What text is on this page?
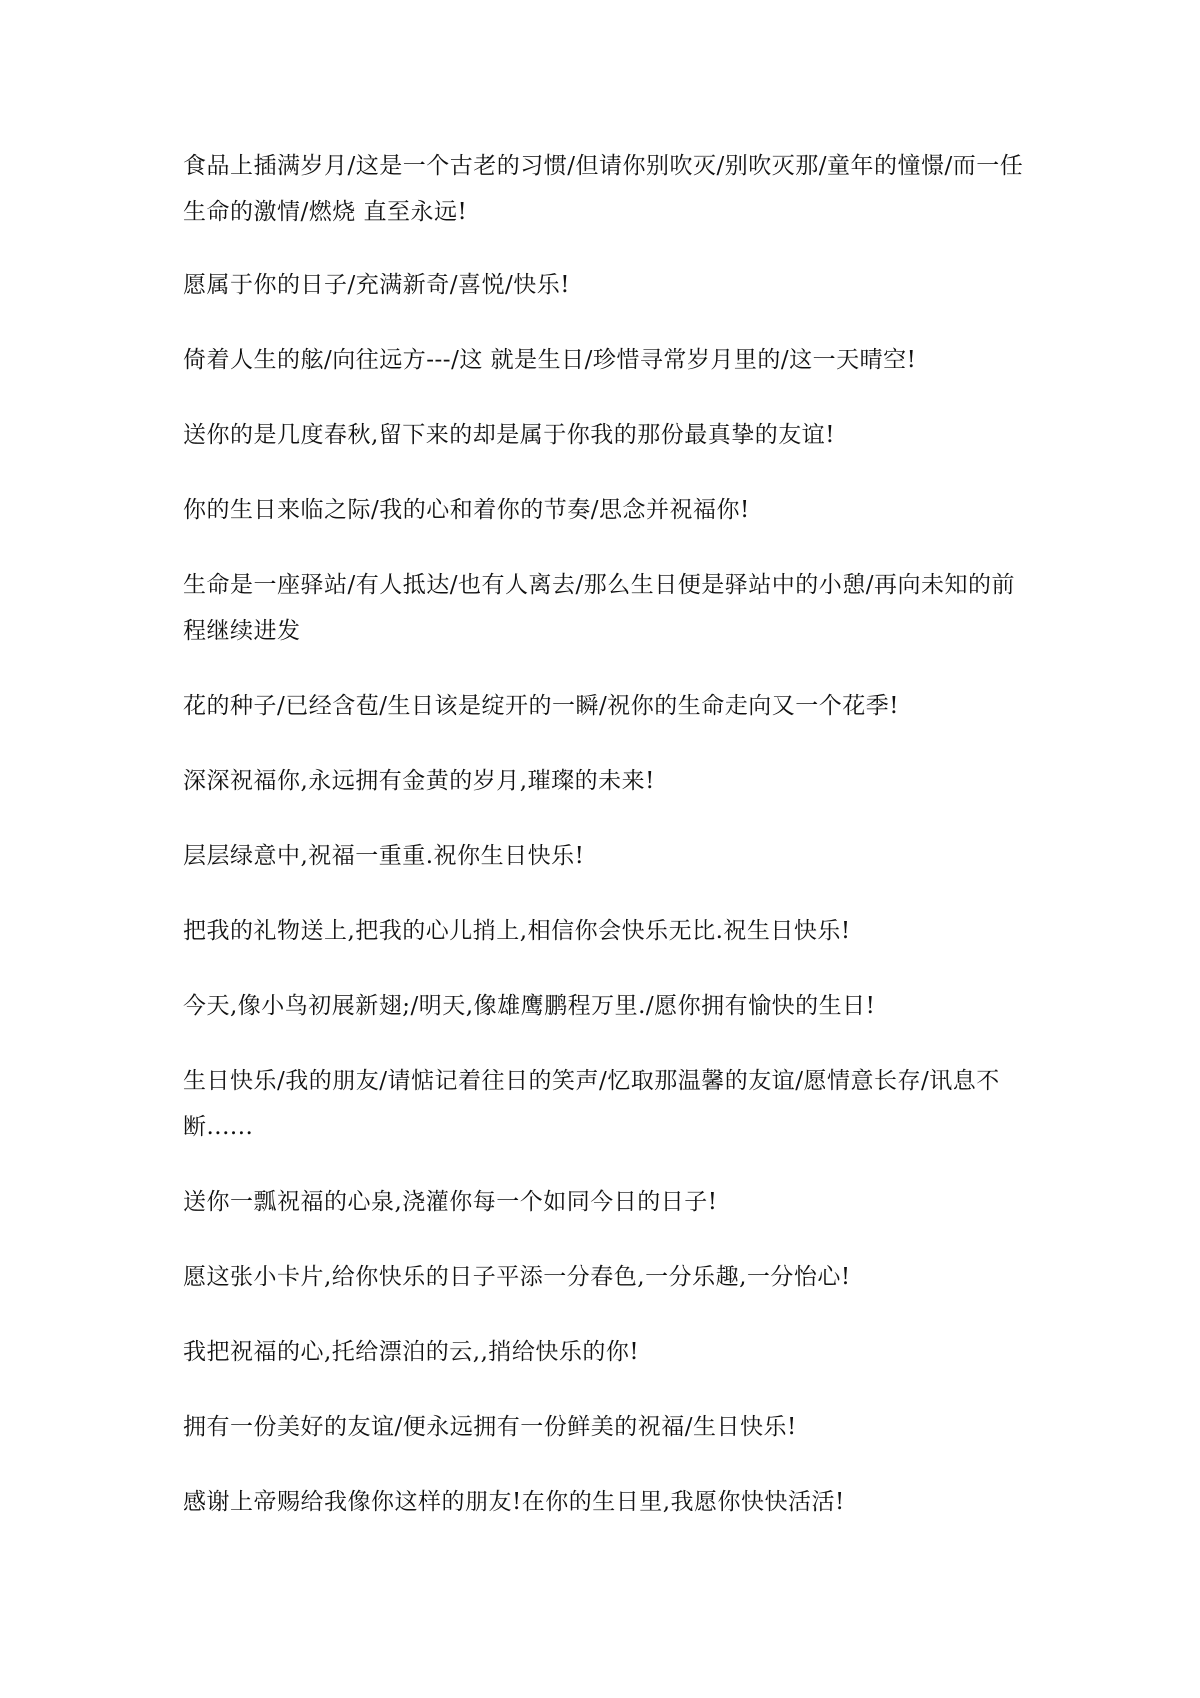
食品上插满岁月/这是一个古老的习惯/但请你别吹灭/别吹灭那/童年的憧憬/而一任生命的激情/燃烧 直至永远!

愿属于你的日子/充满新奇/喜悦/快乐!

倚着人生的舷/向往远方---/这 就是生日/珍惜寻常岁月里的/这一天晴空!

送你的是几度春秋,留下来的却是属于你我的那份最真挚的友谊!

你的生日来临之际/我的心和着你的节奏/思念并祝福你!

生命是一座驿站/有人抵达/也有人离去/那么生日便是驿站中的小憩/再向未知的前程继续进发

花的种子/已经含苞/生日该是绽开的一瞬/祝你的生命走向又一个花季!

深深祝福你,永远拥有金黄的岁月,璀璨的未来!

层层绿意中,祝福一重重.祝你生日快乐!

把我的礼物送上,把我的心儿捎上,相信你会快乐无比.祝生日快乐!

今天,像小鸟初展新翅;/明天,像雄鹰鹏程万里./愿你拥有愉快的生日!

生日快乐/我的朋友/请惦记着往日的笑声/忆取那温馨的友谊/愿情意长存/讯息不断......

送你一瓢祝福的心泉,浇灌你每一个如同今日的日子!

愿这张小卡片,给你快乐的日子平添一分春色,一分乐趣,一分怡心!

我把祝福的心,托给漂泊的云,,捎给快乐的你!

拥有一份美好的友谊/便永远拥有一份鲜美的祝福/生日快乐!

感谢上帝赐给我像你这样的朋友!在你的生日里,我愿你快快活活!
